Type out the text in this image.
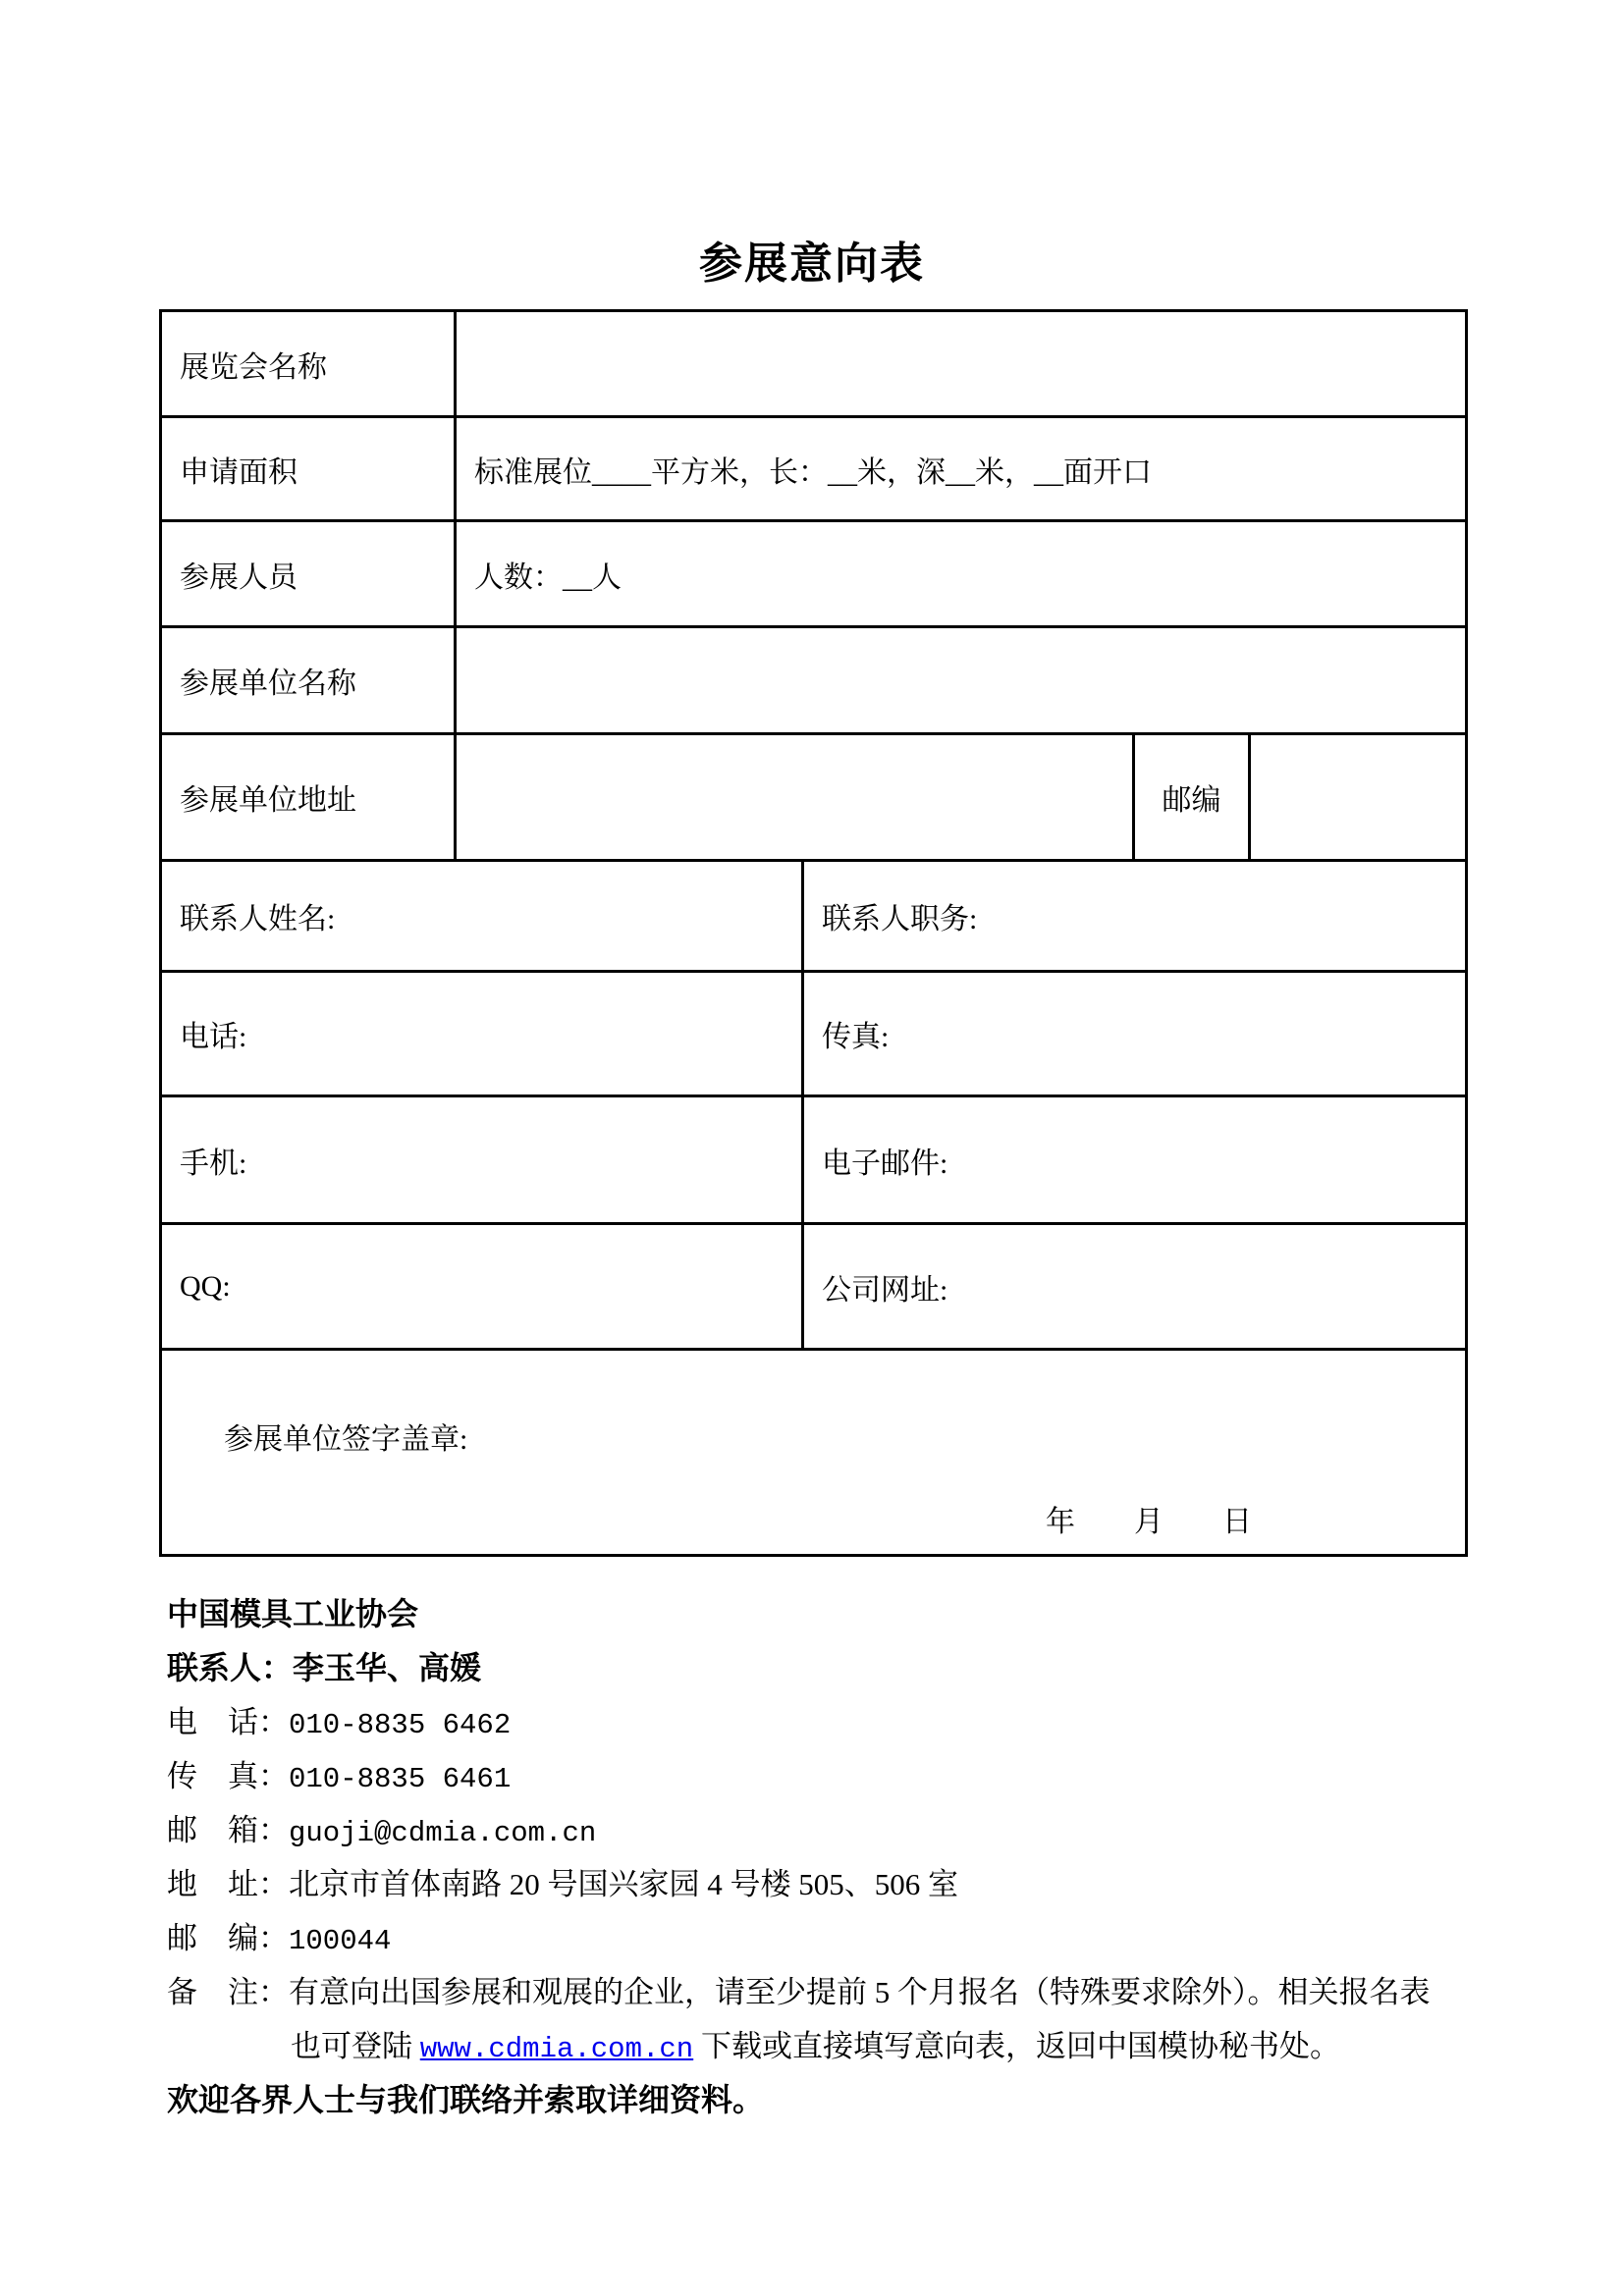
参展意向表
展览会名称				
申请面积	标准展位____平方米，长：__米，深__米，__面开口			
参展人员	人数：__人			
参展单位名称				
参展单位地址			邮编	
联系人姓名:		联系人职务:		
电话:		传真:		
手机:		电子邮件:		
QQ:		公司网址:		

参展单位签字盖章:

年　　月　　日				

中国模具工业协会
联系人：李玉华、高媛
电　话：010-8835 6462
传　真：010-8835 6461
邮　箱：guoji@cdmia.com.cn
地　址：北京市首体南路 20 号国兴家园 4 号楼 505、506 室
邮　编：100044
备　注：有意向出国参展和观展的企业，请至少提前 5 个月报名（特殊要求除外）。相关报名表
也可登陆 www.cdmia.com.cn 下载或直接填写意向表，返回中国模协秘书处。
欢迎各界人士与我们联络并索取详细资料。
